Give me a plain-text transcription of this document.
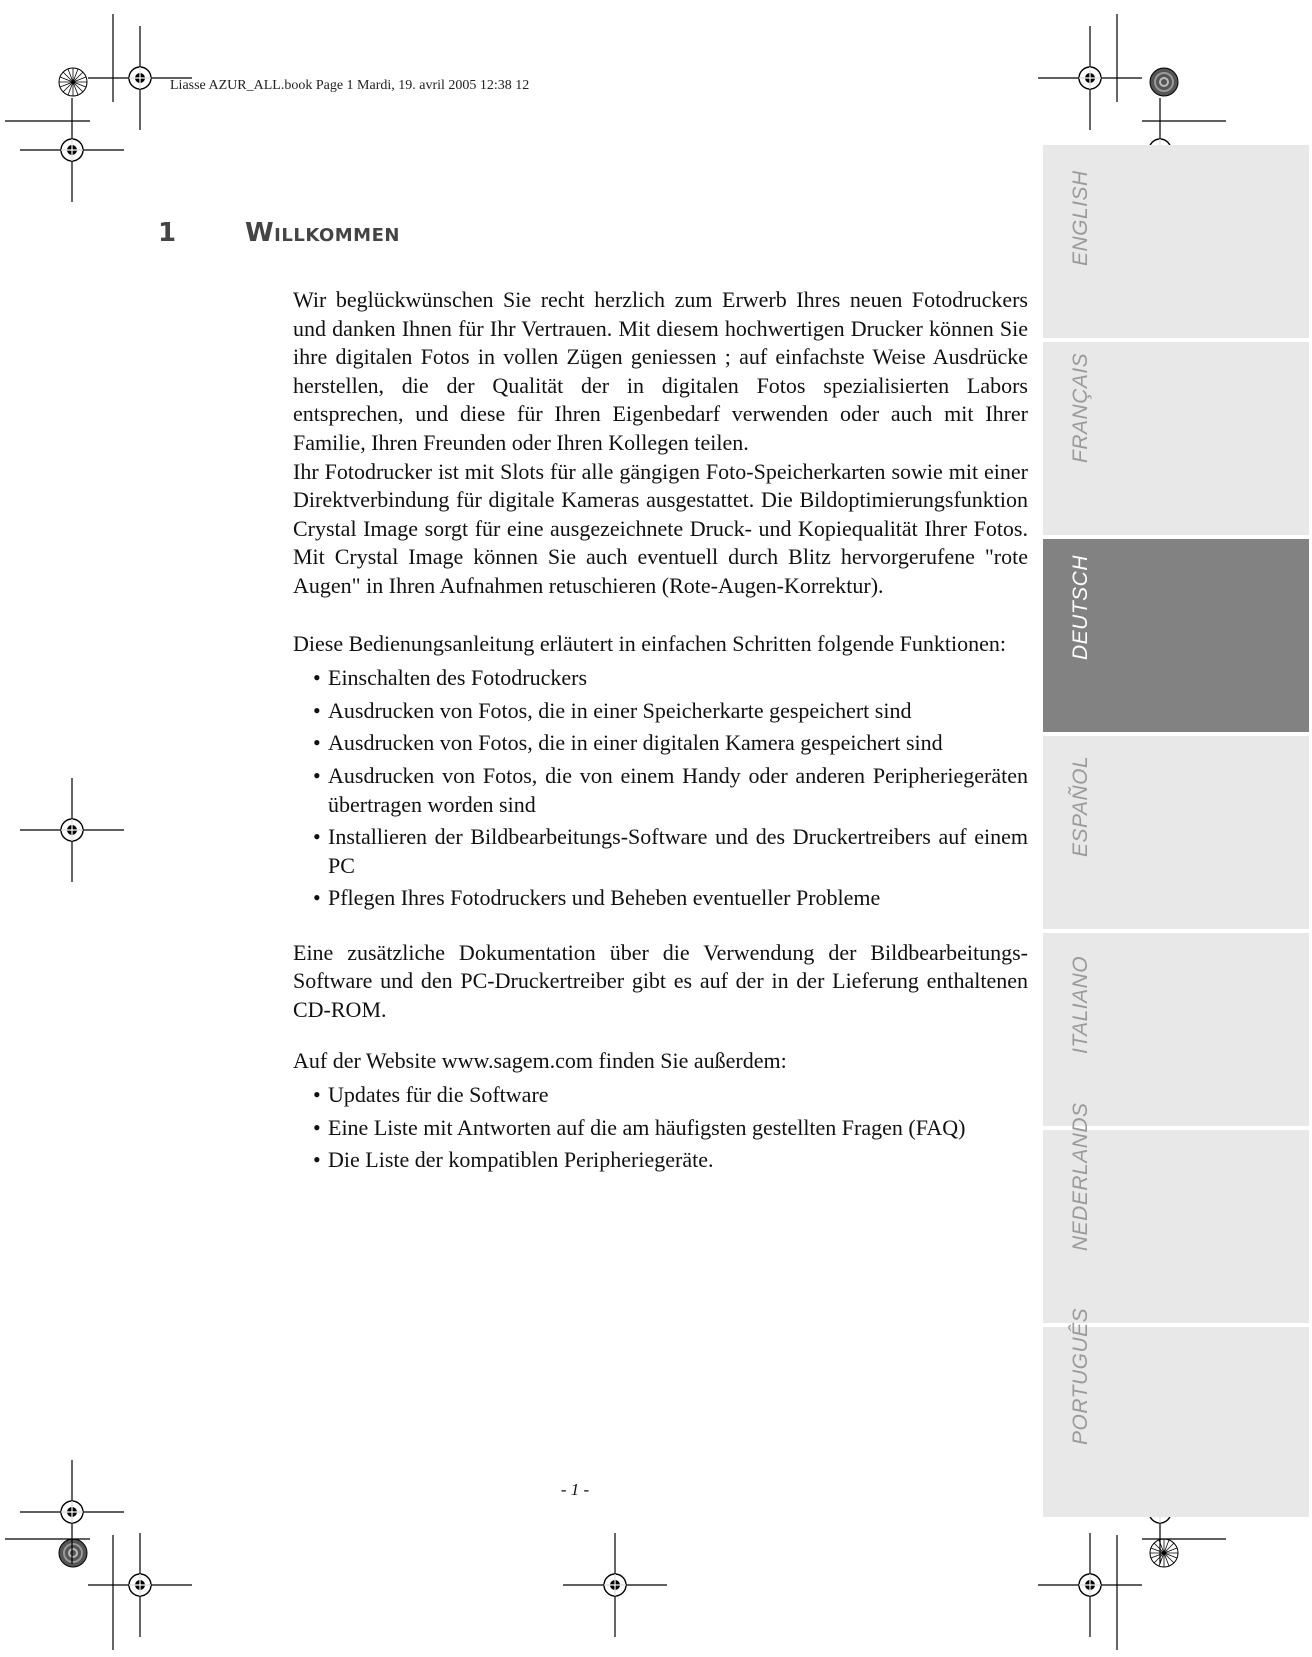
Liasse AZUR_ALL.book Page 1 Mardi, 19. avril 2005 12:38 12
1	Willkommen

Wir beglückwünschen Sie recht herzlich zum Erwerb Ihres neuen Fotodruckers und danken Ihnen für Ihr Vertrauen. Mit diesem hochwertigen Drucker können Sie ihre digitalen Fotos in vollen Zügen geniessen ; auf einfachste Weise Ausdrücke herstellen, die der Qualität der in digitalen Fotos spezialisierten Labors entsprechen, und diese für Ihren Eigenbedarf verwenden oder auch mit Ihrer Familie, Ihren Freunden oder Ihren Kollegen teilen.

Ihr Fotodrucker ist mit Slots für alle gängigen Foto-Speicherkarten sowie mit einer Direktverbindung für digitale Kameras ausgestattet. Die Bildoptimierungsfunktion Crystal Image sorgt für eine ausgezeichnete Druck- und Kopiequalität Ihrer Fotos. Mit Crystal Image können Sie auch eventuell durch Blitz hervorgerufene "rote Augen" in Ihren Aufnahmen retuschieren (Rote-Augen-Korrektur).

Diese Bedienungsanleitung erläutert in einfachen Schritten folgende Funktionen:

• Einschalten des Fotodruckers
• Ausdrucken von Fotos, die in einer Speicherkarte gespeichert sind
• Ausdrucken von Fotos, die in einer digitalen Kamera gespeichert sind
• Ausdrucken von Fotos, die von einem Handy oder anderen Peripheriegeräten übertragen worden sind
• Installieren der Bildbearbeitungs-Software und des Druckertreibers auf einem PC
• Pflegen Ihres Fotodruckers und Beheben eventueller Probleme

Eine zusätzliche Dokumentation über die Verwendung der Bildbearbeitungs-Software und den PC-Druckertreiber gibt es auf der in der Lieferung enthaltenen CD-ROM.

Auf der Website www.sagem.com finden Sie außerdem:

• Updates für die Software
• Eine Liste mit Antworten auf die am häufigsten gestellten Fragen (FAQ)
• Die Liste der kompatiblen Peripheriegeräte.
- 1 -
ENGLISH
FRANÇAIS
DEUTSCH
ESPAÑOL
ITALIANO
NEDERLANDS
PORTUGUÊS
